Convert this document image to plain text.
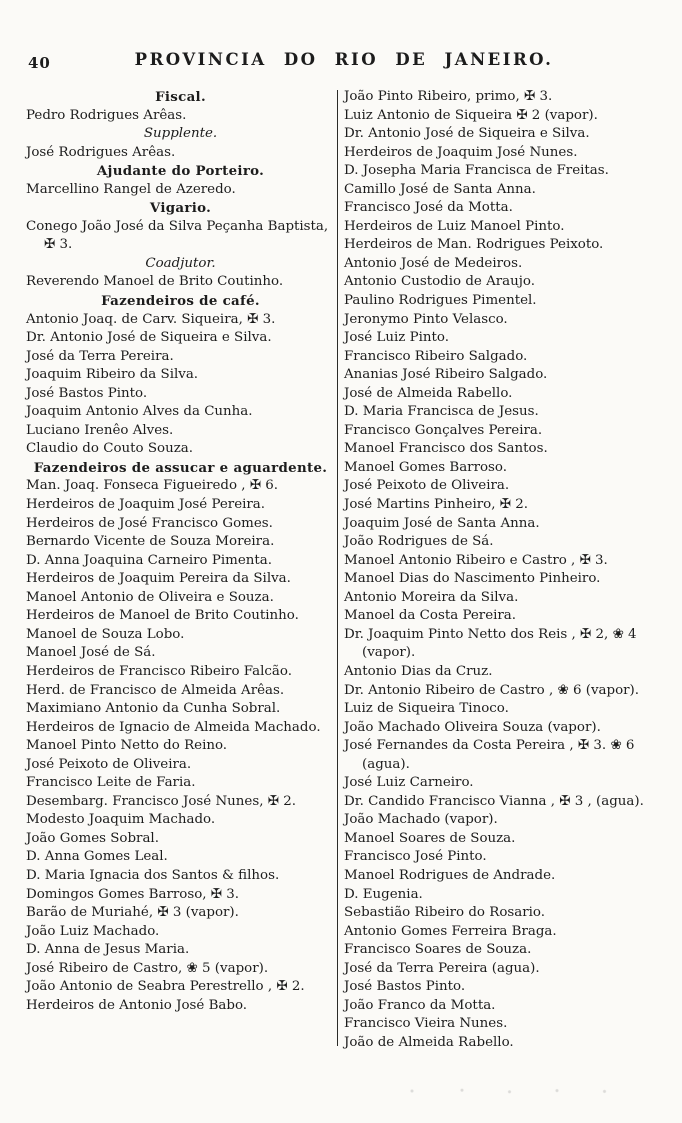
40	PROVINCIA DO RIO DE JANEIRO.
Fiscal.
Pedro Rodrigues Arêas.
Supplente.
José Rodrigues Arêas.
Ajudante do Porteiro.
Marcellino Rangel de Azeredo.
Vigario.
Conego João José da Silva Peçanha Baptista, ✠ 3.
Coadjutor.
Reverendo Manoel de Brito Coutinho.
Fazendeiros de café.
Antonio Joaq. de Carv. Siqueira, ✠ 3.
Dr. Antonio José de Siqueira e Silva.
José da Terra Pereira.
Joaquim Ribeiro da Silva.
José Bastos Pinto.
Joaquim Antonio Alves da Cunha.
Luciano Irenêo Alves.
Claudio do Couto Souza.
Fazendeiros de assucar e aguardente.
Man. Joaq. Fonseca Figueiredo , ✠ 6.
Herdeiros de Joaquim José Pereira.
Herdeiros de José Francisco Gomes.
Bernardo Vicente de Souza Moreira.
D. Anna Joaquina Carneiro Pimenta.
Herdeiros de Joaquim Pereira da Silva.
Manoel Antonio de Oliveira e Souza.
Herdeiros de Manoel de Brito Coutinho.
Manoel de Souza Lobo.
Manoel José de Sá.
Herdeiros de Francisco Ribeiro Falcão.
Herd. de Francisco de Almeida Arêas.
Maximiano Antonio da Cunha Sobral.
Herdeiros de Ignacio de Almeida Machado.
Manoel Pinto Netto do Reino.
José Peixoto de Oliveira.
Francisco Leite de Faria.
Desembarg. Francisco José Nunes, ✠ 2.
Modesto Joaquim Machado.
João Gomes Sobral.
D. Anna Gomes Leal.
D. Maria Ignacia dos Santos & filhos.
Domingos Gomes Barroso, ✠ 3.
Barão de Muriahé, ✠ 3 (vapor).
João Luiz Machado.
D. Anna de Jesus Maria.
José Ribeiro de Castro, ❀ 5 (vapor).
João Antonio de Seabra Perestrello , ✠ 2.
Herdeiros de Antonio José Babo.
João Pinto Ribeiro, primo, ✠ 3.
Luiz Antonio de Siqueira ✠ 2 (vapor).
Dr. Antonio José de Siqueira e Silva.
Herdeiros de Joaquim José Nunes.
D. Josepha Maria Francisca de Freitas.
Camillo José de Santa Anna.
Francisco José da Motta.
Herdeiros de Luiz Manoel Pinto.
Herdeiros de Man. Rodrigues Peixoto.
Antonio José de Medeiros.
Antonio Custodio de Araujo.
Paulino Rodrigues Pimentel.
Jeronymo Pinto Velasco.
José Luiz Pinto.
Francisco Ribeiro Salgado.
Ananias José Ribeiro Salgado.
José de Almeida Rabello.
D. Maria Francisca de Jesus.
Francisco Gonçalves Pereira.
Manoel Francisco dos Santos.
Manoel Gomes Barroso.
José Peixoto de Oliveira.
José Martins Pinheiro, ✠ 2.
Joaquim José de Santa Anna.
João Rodrigues de Sá.
Manoel Antonio Ribeiro e Castro , ✠ 3.
Manoel Dias do Nascimento Pinheiro.
Antonio Moreira da Silva.
Manoel da Costa Pereira.
Dr. Joaquim Pinto Netto dos Reis , ✠ 2, ❀ 4 (vapor).
Antonio Dias da Cruz.
Dr. Antonio Ribeiro de Castro , ❀ 6 (vapor).
Luiz de Siqueira Tinoco.
João Machado Oliveira Souza (vapor).
José Fernandes da Costa Pereira , ✠ 3. ❀ 6 (agua).
José Luiz Carneiro.
Dr. Candido Francisco Vianna , ✠ 3 , (agua).
João Machado (vapor).
Manoel Soares de Souza.
Francisco José Pinto.
Manoel Rodrigues de Andrade.
D. Eugenia.
Sebastião Ribeiro do Rosario.
Antonio Gomes Ferreira Braga.
Francisco Soares de Souza.
José da Terra Pereira (agua).
José Bastos Pinto.
João Franco da Motta.
Francisco Vieira Nunes.
João de Almeida Rabello.
